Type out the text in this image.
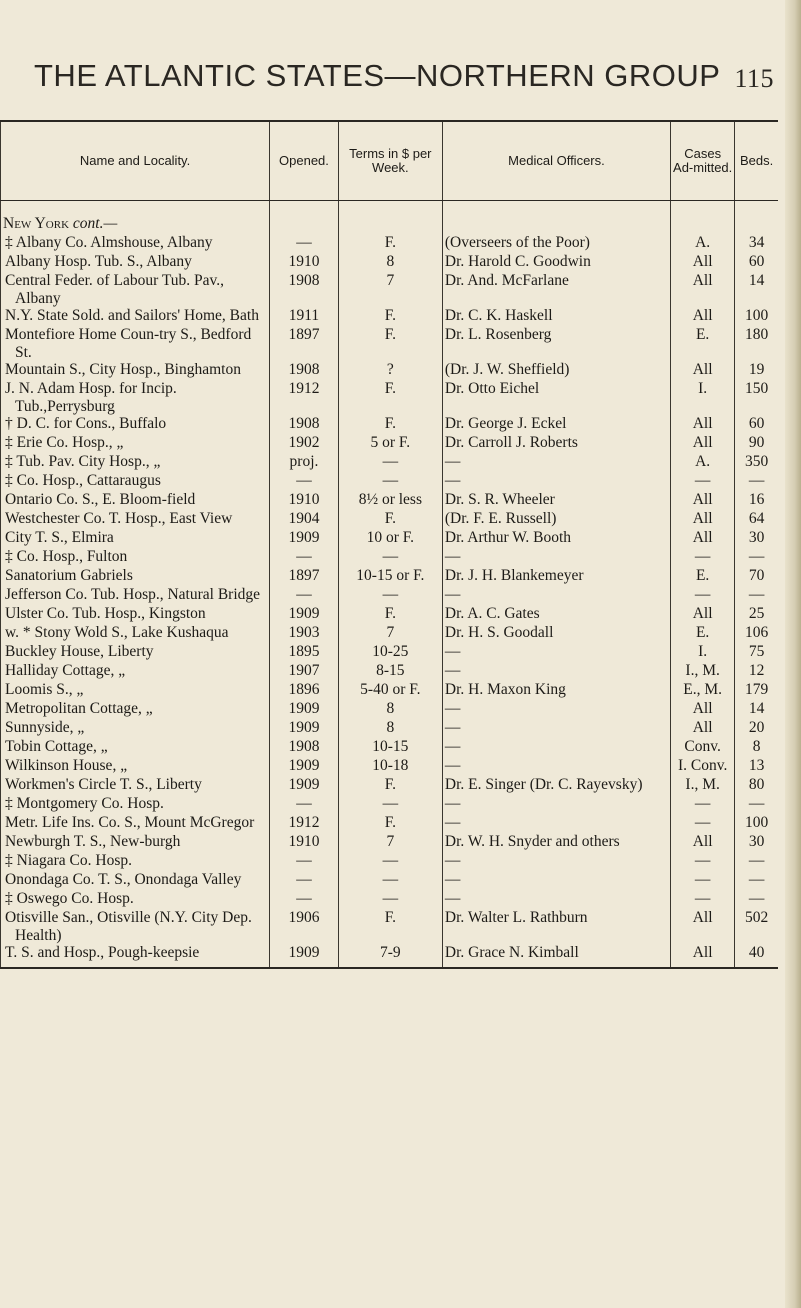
THE ATLANTIC STATES—NORTHERN GROUP 115
Name and Locality.	Opened.	Terms in $ per Week.	Medical Officers.	Cases Ad-mitted.	Beds.
New York cont.—					
‡ Albany Co. Almshouse, Albany	—	F.	(Overseers of the Poor)	A.	34
Albany Hosp. Tub. S., Albany	1910	8	Dr. Harold C. Goodwin	All	60
Central Feder. of Labour Tub. Pav., Albany	1908	7	Dr. And. McFarlane	All	14
N.Y. State Sold. and Sailors' Home, Bath	1911	F.	Dr. C. K. Haskell	All	100
Montefiore Home Coun-try S., Bedford St.	1897	F.	Dr. L. Rosenberg	E.	180
Mountain S., City Hosp., Binghamton	1908	?	(Dr. J. W. Sheffield)	All	19
J. N. Adam Hosp. for Incip. Tub.,Perrysburg	1912	F.	Dr. Otto Eichel	I.	150
† D. C. for Cons., Buffalo	1908	F.	Dr. George J. Eckel	All	60
‡ Erie Co. Hosp., „	1902	5 or F.	Dr. Carroll J. Roberts	All	90
‡ Tub. Pav. City Hosp., „	proj.	—	—	A.	350
‡ Co. Hosp., Cattaraugus	—	—	—	—	—
Ontario Co. S., E. Bloom-field	1910	8½ or less	Dr. S. R. Wheeler	All	16
Westchester Co. T. Hosp., East View	1904	F.	(Dr. F. E. Russell)	All	64
City T. S., Elmira	1909	10 or F.	Dr. Arthur W. Booth	All	30
‡ Co. Hosp., Fulton	—	—	—	—	—
Sanatorium Gabriels	1897	10-15 or F.	Dr. J. H. Blankemeyer	E.	70
Jefferson Co. Tub. Hosp., Natural Bridge	—	—	—	—	—
Ulster Co. Tub. Hosp., Kingston	1909	F.	Dr. A. C. Gates	All	25
w. * Stony Wold S., Lake Kushaqua	1903	7	Dr. H. S. Goodall	E.	106
Buckley House, Liberty	1895	10-25	—	I.	75
Halliday Cottage, „	1907	8-15	—	I., M.	12
Loomis S., „	1896	5-40 or F.	Dr. H. Maxon King	E., M.	179
Metropolitan Cottage, „	1909	8	—	All	14
Sunnyside, „	1909	8	—	All	20
Tobin Cottage, „	1908	10-15	—	Conv.	8
Wilkinson House, „	1909	10-18	—	I. Conv.	13
Workmen's Circle T. S., Liberty	1909	F.	Dr. E. Singer (Dr. C. Rayevsky)	I., M.	80
‡ Montgomery Co. Hosp.	—	—	—	—	—
Metr. Life Ins. Co. S., Mount McGregor	1912	F.	—	—	100
Newburgh T. S., New-burgh	1910	7	Dr. W. H. Snyder and others	All	30
‡ Niagara Co. Hosp.	—	—	—	—	—
Onondaga Co. T. S., Onondaga Valley	—	—	—	—	—
‡ Oswego Co. Hosp.	—	—	—	—	—
Otisville San., Otisville (N.Y. City Dep. Health)	1906	F.	Dr. Walter L. Rathburn	All	502
T. S. and Hosp., Pough-keepsie	1909	7-9	Dr. Grace N. Kimball	All	40
